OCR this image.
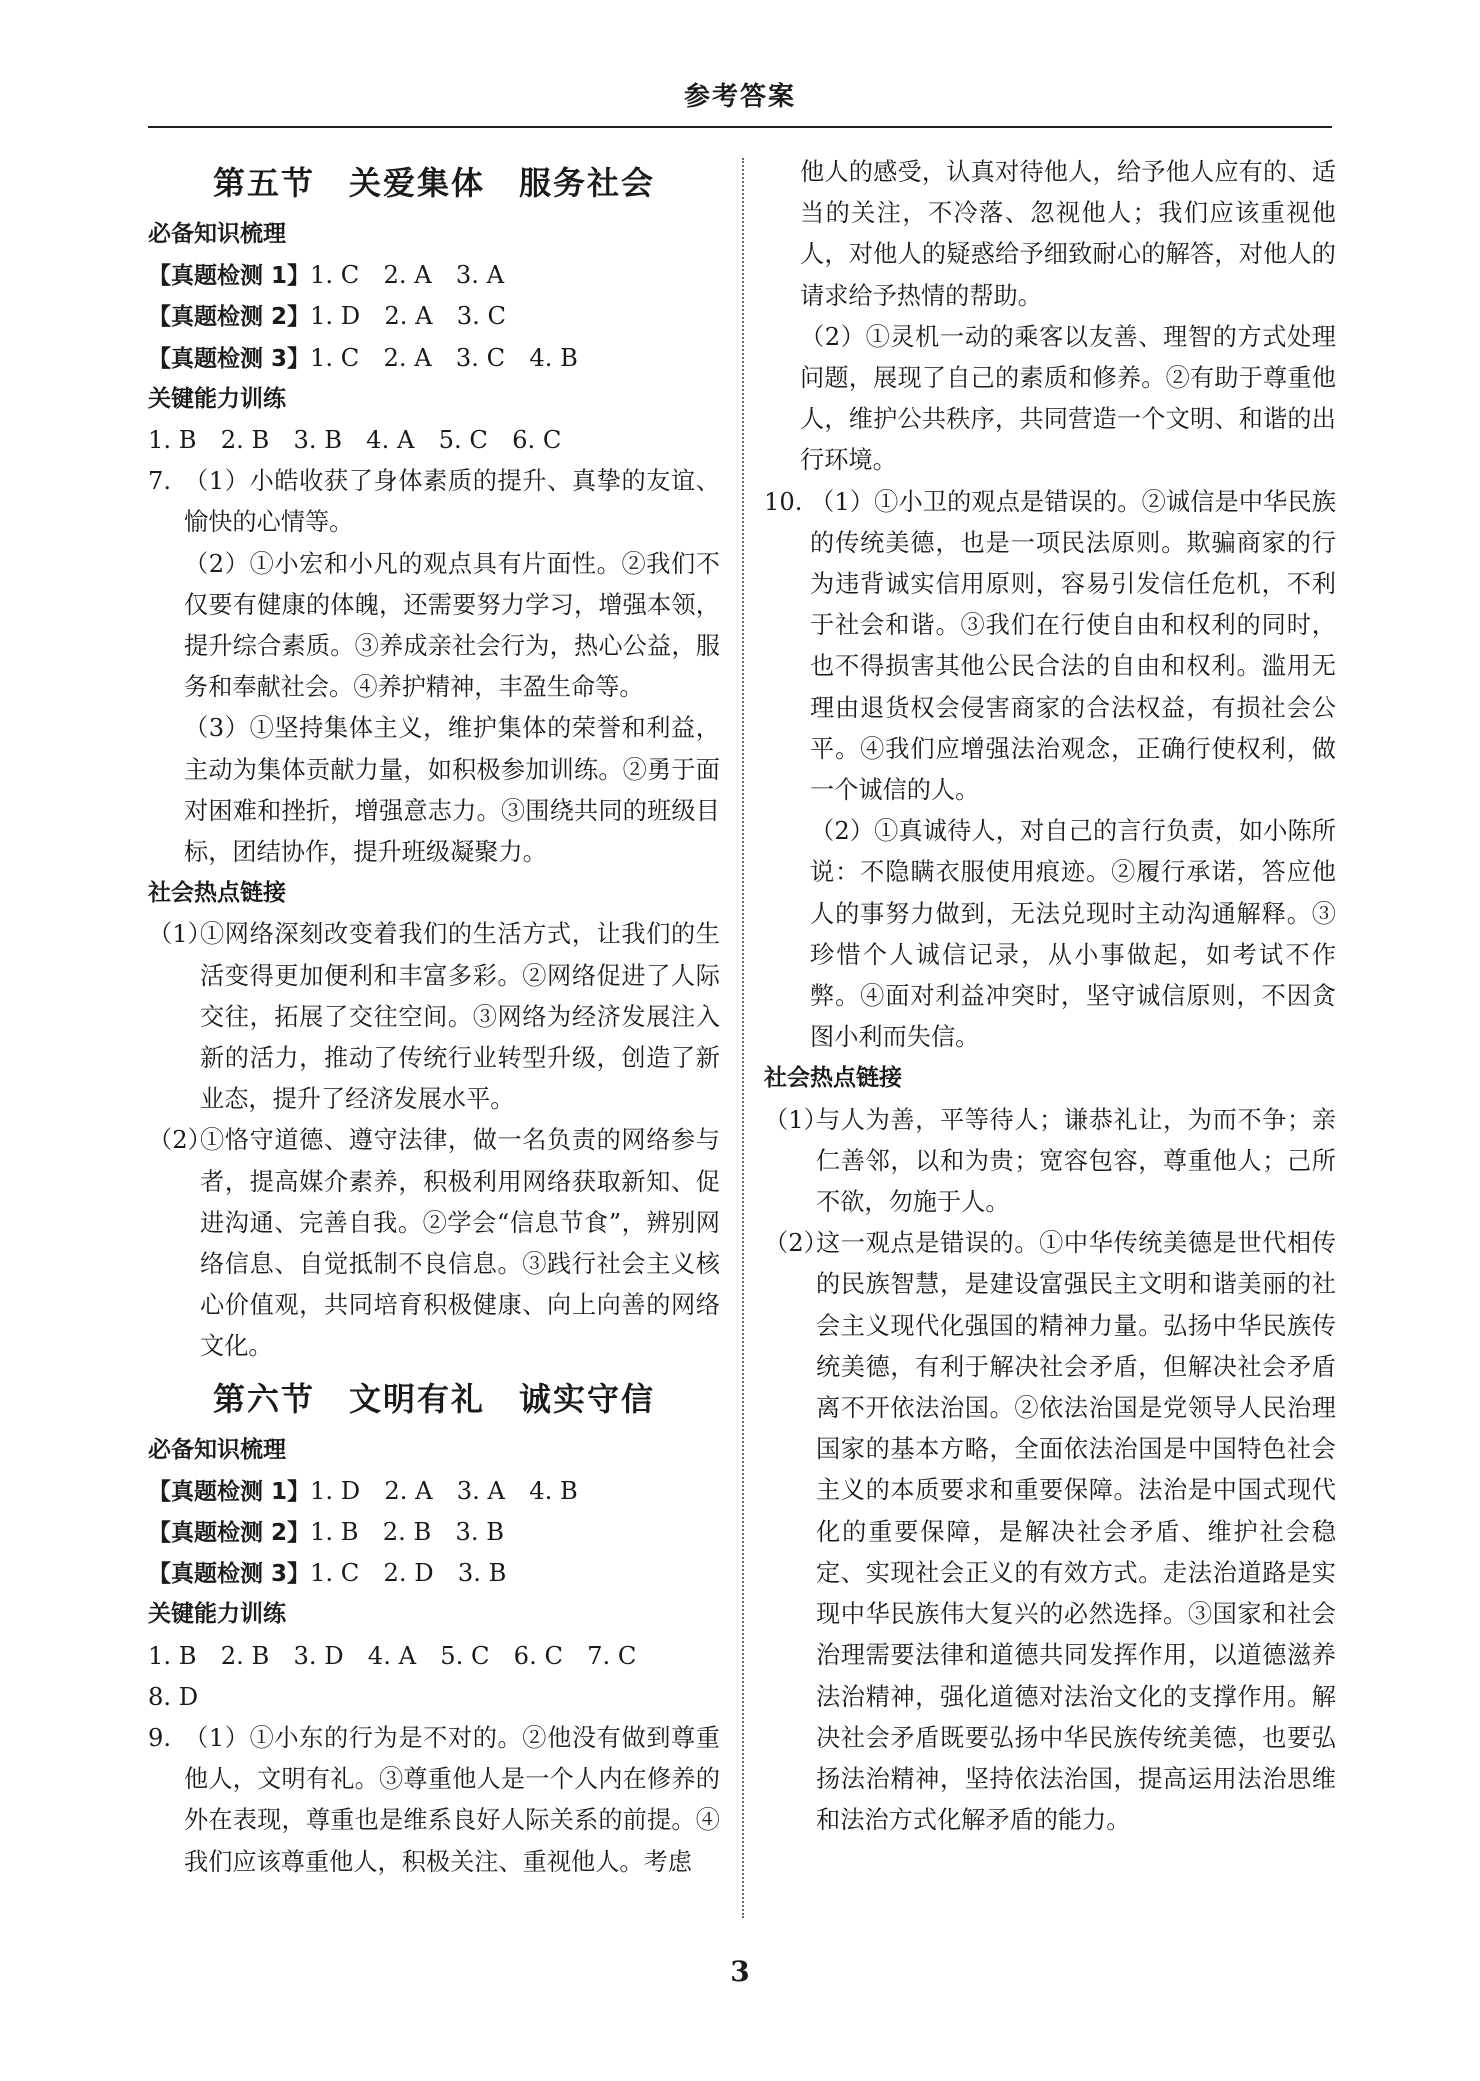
参考答案
第五节　关爱集体　服务社会
必备知识梳理
【真题检测 1】1. C　2. A　3. A
【真题检测 2】1. D　2. A　3. C
【真题检测 3】1. C　2. A　3. C　4. B
关键能力训练
1. B　2. B　3. B　4. A　5. C　6. C
7. （1）小皓收获了身体素质的提升、真挚的友谊、愉快的心情等。
（2）①小宏和小凡的观点具有片面性。②我们不仅要有健康的体魄，还需要努力学习，增强本领，提升综合素质。③养成亲社会行为，热心公益，服务和奉献社会。④养护精神，丰盈生命等。
（3）①坚持集体主义，维护集体的荣誉和利益，主动为集体贡献力量，如积极参加训练。②勇于面对困难和挫折，增强意志力。③围绕共同的班级目标，团结协作，提升班级凝聚力。
社会热点链接
（1）
①网络深刻改变着我们的生活方式，让我们的生活变得更加便利和丰富多彩。②网络促进了人际交往，拓展了交往空间。③网络为经济发展注入新的活力，推动了传统行业转型升级，创造了新业态，提升了经济发展水平。
（2）
①恪守道德、遵守法律，做一名负责的网络参与者，提高媒介素养，积极利用网络获取新知、促进沟通、完善自我。②学会“信息节食”，辨别网络信息、自觉抵制不良信息。③践行社会主义核心价值观，共同培育积极健康、向上向善的网络文化。
第六节　文明有礼　诚实守信
必备知识梳理
【真题检测 1】1. D　2. A　3. A　4. B
【真题检测 2】1. B　2. B　3. B
【真题检测 3】1. C　2. D　3. B
关键能力训练
1. B　2. B　3. D　4. A　5. C　6. C　7. C
8. D
9. （1）①小东的行为是不对的。②他没有做到尊重他人，文明有礼。③尊重他人是一个人内在修养的外在表现，尊重也是维系良好人际关系的前提。④我们应该尊重他人，积极关注、重视他人。考虑
他人的感受，认真对待他人，给予他人应有的、适当的关注，不冷落、忽视他人；我们应该重视他人，对他人的疑惑给予细致耐心的解答，对他人的请求给予热情的帮助。
（2）①灵机一动的乘客以友善、理智的方式处理问题，展现了自己的素质和修养。②有助于尊重他人，维护公共秩序，共同营造一个文明、和谐的出行环境。
10. （1）①小卫的观点是错误的。②诚信是中华民族的传统美德，也是一项民法原则。欺骗商家的行为违背诚实信用原则，容易引发信任危机，不利于社会和谐。③我们在行使自由和权利的同时，也不得损害其他公民合法的自由和权利。滥用无理由退货权会侵害商家的合法权益，有损社会公平。④我们应增强法治观念，正确行使权利，做一个诚信的人。
（2）①真诚待人，对自己的言行负责，如小陈所说：不隐瞒衣服使用痕迹。②履行承诺，答应他人的事努力做到，无法兑现时主动沟通解释。③珍惜个人诚信记录，从小事做起，如考试不作弊。④面对利益冲突时，坚守诚信原则，不因贪图小利而失信。
社会热点链接
（1）
与人为善，平等待人；谦恭礼让，为而不争；亲仁善邻，以和为贵；宽容包容，尊重他人；己所不欲，勿施于人。
（2）
这一观点是错误的。①中华传统美德是世代相传的民族智慧，是建设富强民主文明和谐美丽的社会主义现代化强国的精神力量。弘扬中华民族传统美德，有利于解决社会矛盾，但解决社会矛盾离不开依法治国。②依法治国是党领导人民治理国家的基本方略，全面依法治国是中国特色社会主义的本质要求和重要保障。法治是中国式现代化的重要保障，是解决社会矛盾、维护社会稳定、实现社会正义的有效方式。走法治道路是实现中华民族伟大复兴的必然选择。③国家和社会治理需要法律和道德共同发挥作用，以道德滋养法治精神，强化道德对法治文化的支撑作用。解决社会矛盾既要弘扬中华民族传统美德，也要弘扬法治精神，坚持依法治国，提高运用法治思维和法治方式化解矛盾的能力。
3
